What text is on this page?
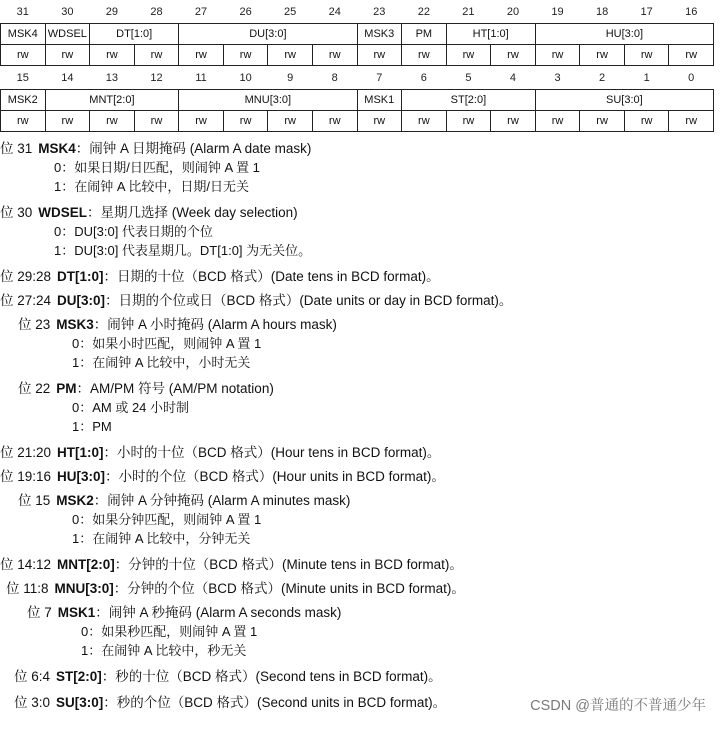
31	30	29	28	27	26	25	24	23	22	21	20	19	18	17	16
MSK4	WDSEL	DT[1:0]		DU[3:0]				MSK3	PM	HT[1:0]		HU[3:0]			
rw	rw	rw	rw	rw	rw	rw	rw	rw	rw	rw	rw	rw	rw	rw	rw
15	14	13	12	11	10	9	8	7	6	5	4	3	2	1	0
MSK2	MNT[2:0]			MNU[3:0]				MSK1	ST[2:0]			SU[3:0]			
rw	rw	rw	rw	rw	rw	rw	rw	rw	rw	rw	rw	rw	rw	rw	rw
位 31 MSK4：闹钟 A 日期掩码 (Alarm A date mask)
0：如果日期/日匹配，则闹钟 A 置 1
1：在闹钟 A 比较中，日期/日无关
位 30 WDSEL：星期几选择 (Week day selection)
0：DU[3:0] 代表日期的个位
1：DU[3:0] 代表星期几。DT[1:0] 为无关位。
位 29:28 DT[1:0]：日期的十位（BCD 格式）(Date tens in BCD format)。
位 27:24 DU[3:0]：日期的个位或日（BCD 格式）(Date units or day in BCD format)。
位 23 MSK3：闹钟 A 小时掩码 (Alarm A hours mask)
0：如果小时匹配，则闹钟 A 置 1
1：在闹钟 A 比较中，小时无关
位 22 PM：AM/PM 符号 (AM/PM notation)
0：AM 或 24 小时制
1：PM
位 21:20 HT[1:0]：小时的十位（BCD 格式）(Hour tens in BCD format)。
位 19:16 HU[3:0]：小时的个位（BCD 格式）(Hour units in BCD format)。
位 15 MSK2：闹钟 A 分钟掩码 (Alarm A minutes mask)
0：如果分钟匹配，则闹钟 A 置 1
1：在闹钟 A 比较中，分钟无关
位 14:12 MNT[2:0]：分钟的十位（BCD 格式）(Minute tens in BCD format)。
位 11:8 MNU[3:0]：分钟的个位（BCD 格式）(Minute units in BCD format)。
位 7 MSK1：闹钟 A 秒掩码 (Alarm A seconds mask)
0：如果秒匹配，则闹钟 A 置 1
1：在闹钟 A 比较中，秒无关
位 6:4 ST[2:0]：秒的十位（BCD 格式）(Second tens in BCD format)。
位 3:0 SU[3:0]：秒的个位（BCD 格式）(Second units in BCD format)。	CSDN @普通的不普通少年
